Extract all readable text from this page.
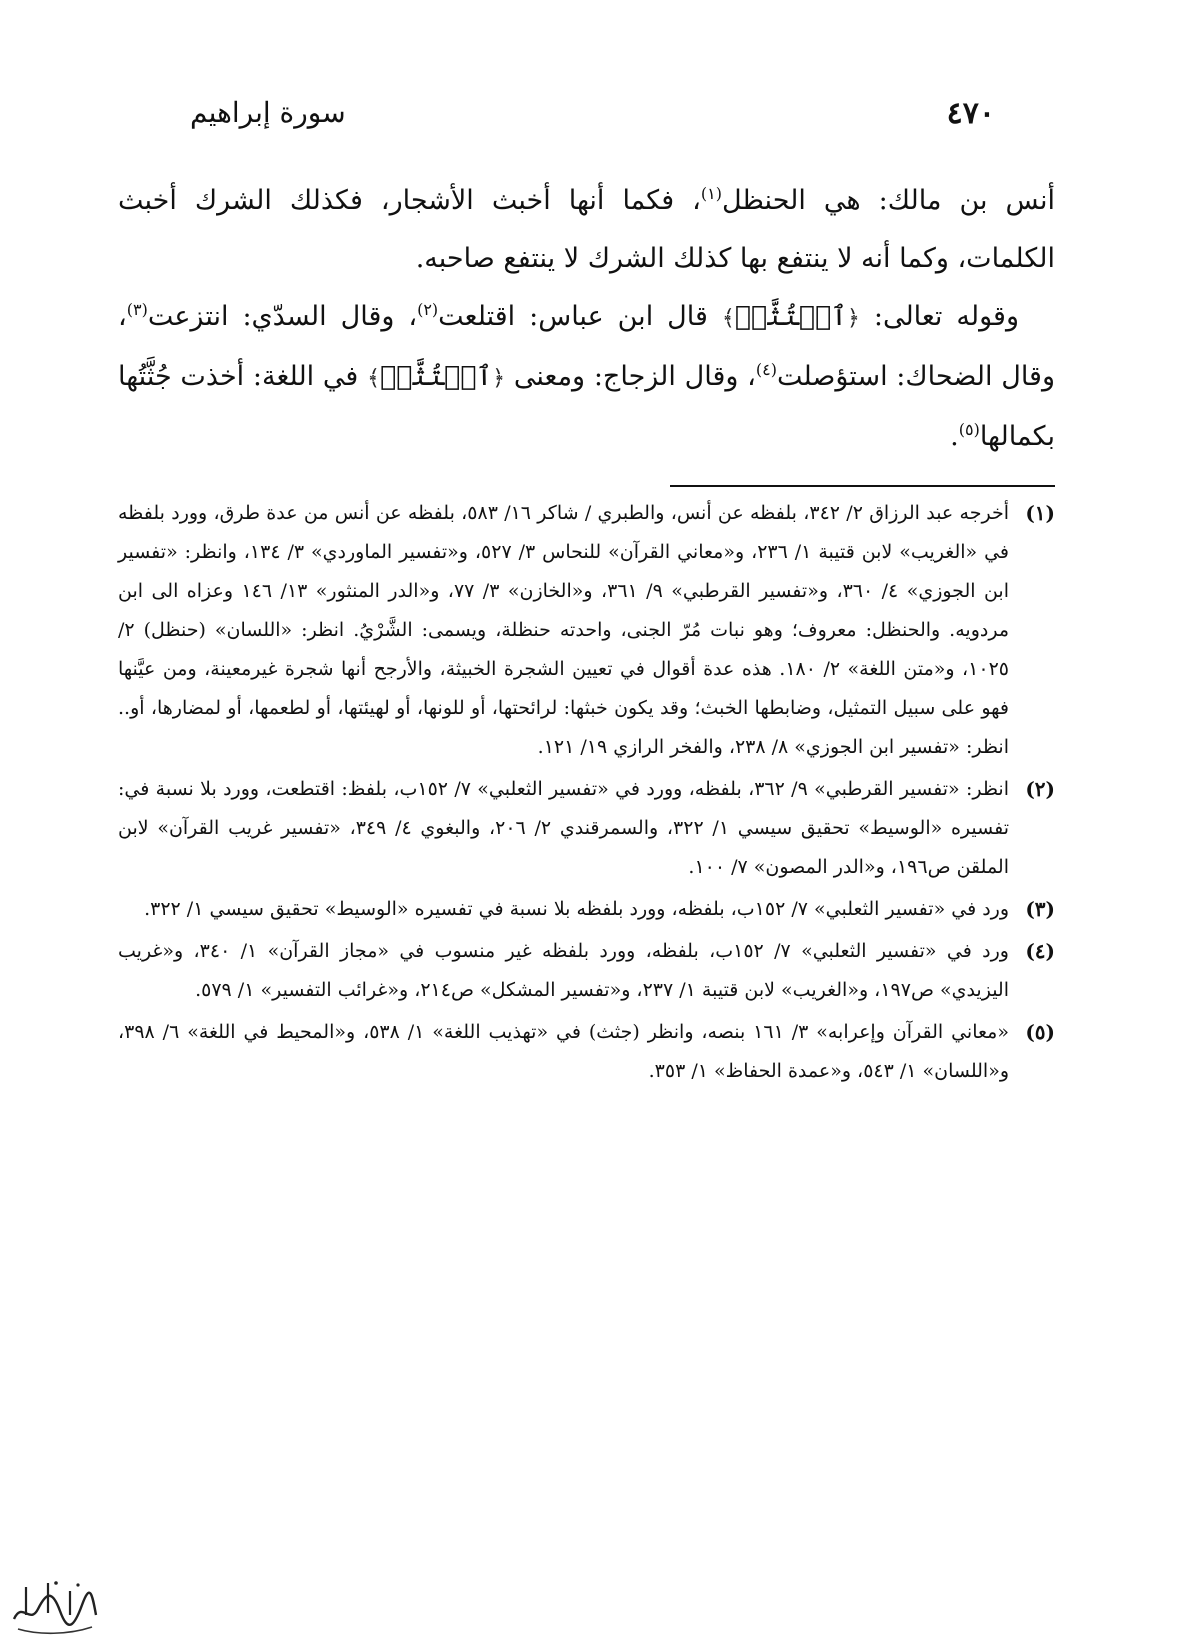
٤٧٠
سورة إبراهيم

أنس بن مالك: هي الحنظل$^{(١)}$، فكما أنها أخبث الأشجار، فكذلك الشرك أخبث الكلمات، وكما أنه لا ينتفع بها كذلك الشرك لا ينتفع صاحبه.

وقوله تعالى: ﴿ٱجۡتُثَّتۡ﴾ قال ابن عباس: اقتلعت$^{(٢)}$، وقال السدّي: انتزعت$^{(٣)}$، وقال الضحاك: استؤصلت$^{(٤)}$، وقال الزجاج: ومعنى ﴿ٱجۡتُثَّتۡ﴾ في اللغة: أخذت جُثَّتُها بكمالها$^{(٥)}$.

(١)
أخرجه عبد الرزاق ٢/ ٣٤٢، بلفظه عن أنس، والطبري / شاكر ١٦/ ٥٨٣، بلفظه عن أنس من عدة طرق، وورد بلفظه في «الغريب» لابن قتيبة ١/ ٢٣٦، و«معاني القرآن» للنحاس ٣/ ٥٢٧، و«تفسير الماوردي» ٣/ ١٣٤، وانظر: «تفسير ابن الجوزي» ٤/ ٣٦٠، و«تفسير القرطبي» ٩/ ٣٦١، و«الخازن» ٣/ ٧٧، و«الدر المنثور» ١٣/ ١٤٦ وعزاه الى ابن مردويه. والحنظل: معروف؛ وهو نبات مُرّ الجنى، واحدته حنظلة، ويسمى: الشَّرْيُ. انظر: «اللسان» (حنظل) ٢/ ١٠٢٥، و«متن اللغة» ٢/ ١٨٠. هذه عدة أقوال في تعيين الشجرة الخبيثة، والأرجح أنها شجرة غيرمعينة، ومن عيَّنها فهو على سبيل التمثيل، وضابطها الخبث؛ وقد يكون خبثها: لرائحتها، أو للونها، أو لهيئتها، أو لطعمها، أو لمضارها، أو.. انظر: «تفسير ابن الجوزي» ٨/ ٢٣٨، والفخر الرازي ١٩/ ١٢١.
(٢)
انظر: «تفسير القرطبي» ٩/ ٣٦٢، بلفظه، وورد في «تفسير الثعلبي» ٧/ ١٥٢ب، بلفظ: اقتطعت، وورد بلا نسبة في: تفسيره «الوسيط» تحقيق سيسي ١/ ٣٢٢، والسمرقندي ٢/ ٢٠٦، والبغوي ٤/ ٣٤٩، «تفسير غريب القرآن» لابن الملقن ص١٩٦، و«الدر المصون» ٧/ ١٠٠.
(٣)
ورد في «تفسير الثعلبي» ٧/ ١٥٢ب، بلفظه، وورد بلفظه بلا نسبة في تفسيره «الوسيط» تحقيق سيسي ١/ ٣٢٢.
(٤)
ورد في «تفسير الثعلبي» ٧/ ١٥٢ب، بلفظه، وورد بلفظه غير منسوب في «مجاز القرآن» ١/ ٣٤٠، و«غريب اليزيدي» ص١٩٧، و«الغريب» لابن قتيبة ١/ ٢٣٧، و«تفسير المشكل» ص٢١٤، و«غرائب التفسير» ١/ ٥٧٩.
(٥)
«معاني القرآن وإعرابه» ٣/ ١٦١ بنصه، وانظر (جثث) في «تهذيب اللغة» ١/ ٥٣٨، و«المحيط في اللغة» ٦/ ٣٩٨، و«اللسان» ١/ ٥٤٣، و«عمدة الحفاظ» ١/ ٣٥٣.
